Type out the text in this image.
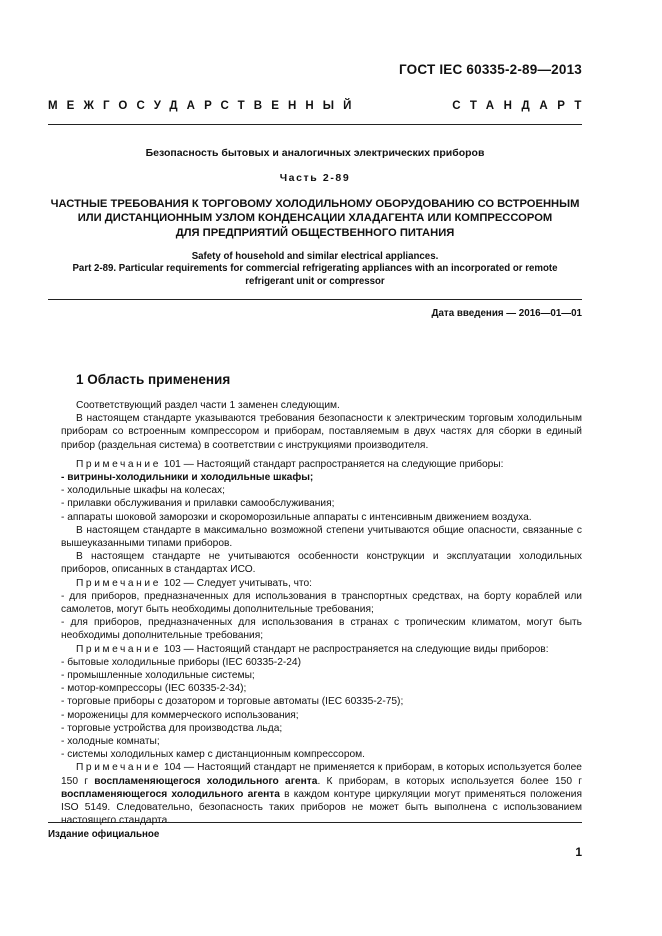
ГОСТ IEC 60335-2-89—2013
МЕЖГОСУДАРСТВЕННЫЙ	СТАНДАРТ
Безопасность бытовых и аналогичных электрических приборов
Часть 2-89
ЧАСТНЫЕ ТРЕБОВАНИЯ К ТОРГОВОМУ ХОЛОДИЛЬНОМУ ОБОРУДОВАНИЮ СО ВСТРОЕННЫМ
ИЛИ ДИСТАНЦИОННЫМ УЗЛОМ КОНДЕНСАЦИИ ХЛАДАГЕНТА ИЛИ КОМПРЕССОРОМ
ДЛЯ ПРЕДПРИЯТИЙ ОБЩЕСТВЕННОГО ПИТАНИЯ
Safety of household and similar electrical appliances.
Part 2-89. Particular requirements for commercial refrigerating appliances with an incorporated or remote
refrigerant unit or compressor
Дата введения — 2016—01—01
1 Область применения

Соответствующий раздел части 1 заменен следующим.

В настоящем стандарте указываются требования безопасности к электрическим торговым холодильным приборам со встроенным компрессором и приборам, поставляемым в двух частях для сборки в единый прибор (раздельная система) в соответствии с инструкциями производителя.

Примечание 101 — Настоящий стандарт распространяется на следующие приборы:

- витрины-холодильники и холодильные шкафы;

- холодильные шкафы на колесах;

- прилавки обслуживания и прилавки самообслуживания;

- аппараты шоковой заморозки и скороморозильные аппараты с интенсивным движением воздуха.

В настоящем стандарте в максимально возможной степени учитываются общие опасности, связанные с вышеуказанными типами приборов.

В настоящем стандарте не учитываются особенности конструкции и эксплуатации холодильных приборов, описанных в стандартах ИСО.

Примечание 102 — Следует учитывать, что:

- для приборов, предназначенных для использования в транспортных средствах, на борту кораблей или самолетов, могут быть необходимы дополнительные требования;

- для приборов, предназначенных для использования в странах с тропическим климатом, могут быть необходимы дополнительные требования;

Примечание 103 — Настоящий стандарт не распространяется на следующие виды приборов:

- бытовые холодильные приборы (IEC 60335-2-24)

- промышленные холодильные системы;

- мотор-компрессоры (IEC 60335-2-34);

- торговые приборы с дозатором и торговые автоматы (IEC 60335-2-75);

- мороженицы для коммерческого использования;

- торговые устройства для производства льда;

- холодные комнаты;

- системы холодильных камер с дистанционным компрессором.

Примечание 104 — Настоящий стандарт не применяется к приборам, в которых используется более 150 г воспламеняющегося холодильного агента. К приборам, в которых используется более 150 г воспламеняющегося холодильного агента в каждом контуре циркуляции могут применяться положения ISO 5149. Следовательно, безопасность таких приборов не может быть выполнена с использованием настоящего стандарта.

Издание официальное
1
